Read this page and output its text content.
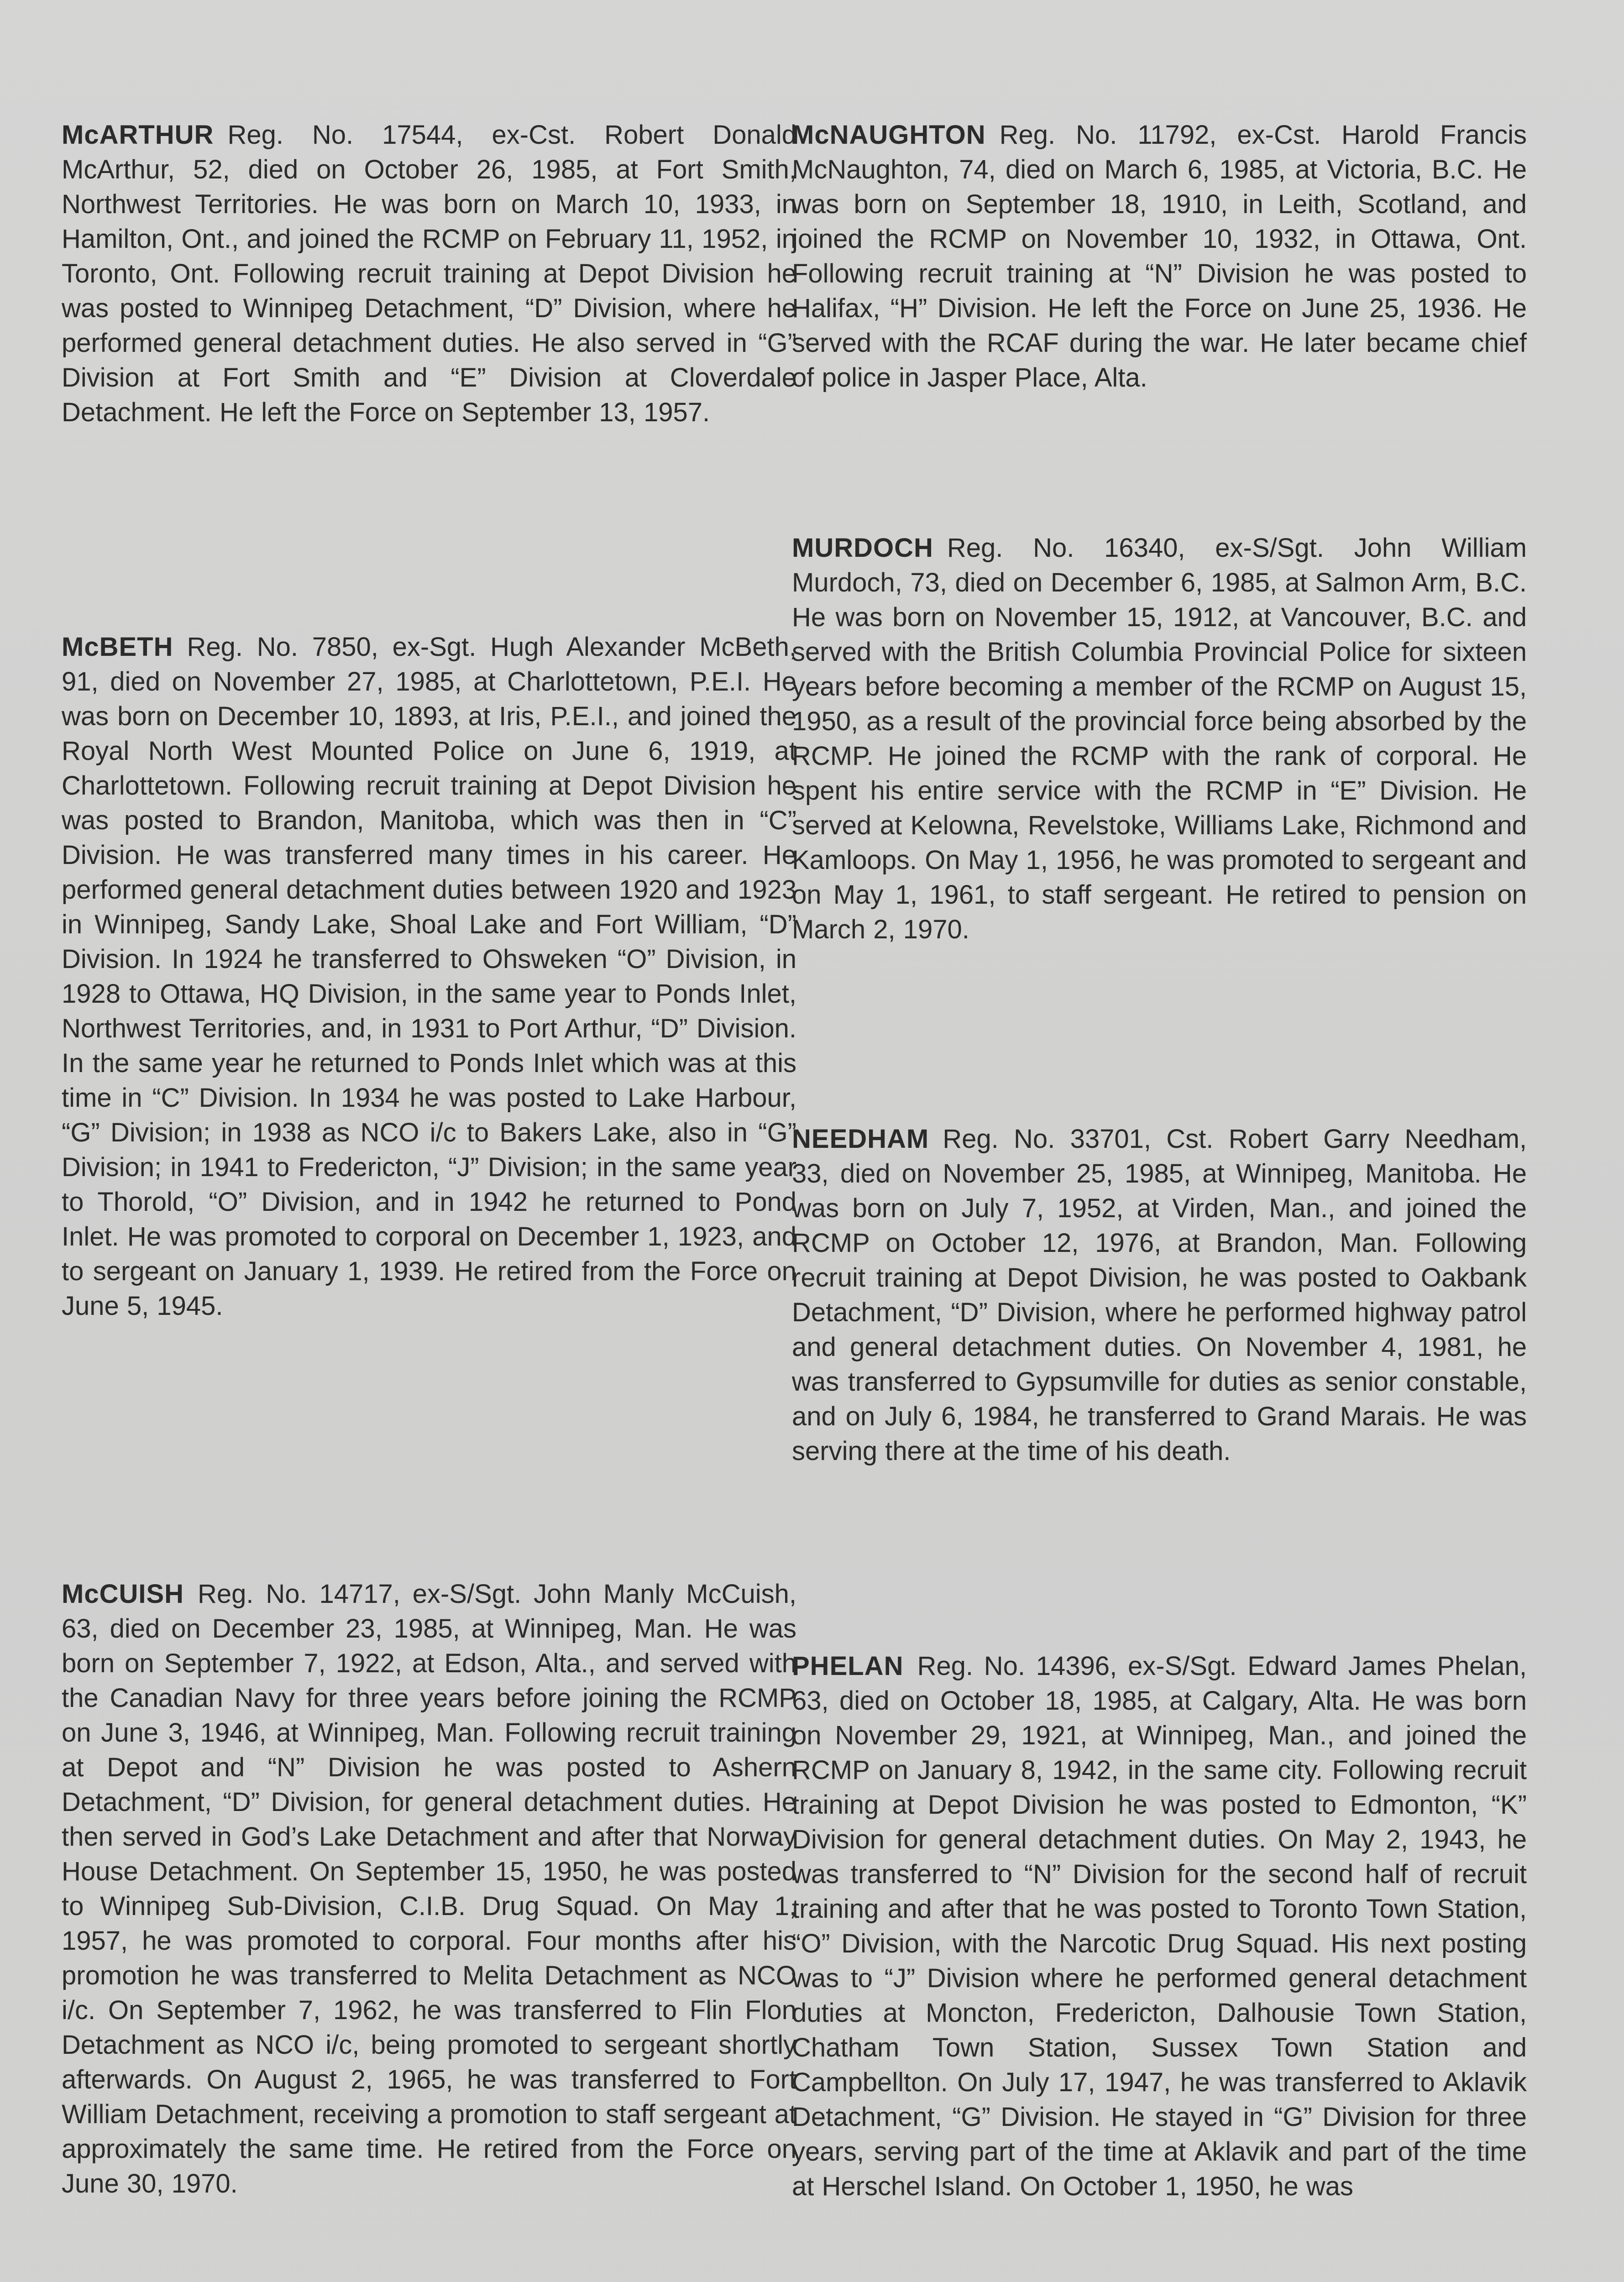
McARTHUR Reg. No. 17544, ex-Cst. Robert Donald McArthur, 52, died on October 26, 1985, at Fort Smith, Northwest Territories. He was born on March 10, 1933, in Hamilton, Ont., and joined the RCMP on February 11, 1952, in Toronto, Ont. Following recruit training at Depot Division he was posted to Winnipeg Detachment, “D” Division, where he performed general detachment duties. He also served in “G” Division at Fort Smith and “E” Division at Cloverdale Detachment. He left the Force on September 13, 1957.

McBETH Reg. No. 7850, ex-Sgt. Hugh Alexander McBeth, 91, died on November 27, 1985, at Charlottetown, P.E.I. He was born on December 10, 1893, at Iris, P.E.I., and joined the Royal North West Mounted Police on June 6, 1919, at Charlottetown. Following recruit training at Depot Division he was posted to Brandon, Manitoba, which was then in “C” Division. He was transferred many times in his career. He performed general detachment duties between 1920 and 1923 in Winnipeg, Sandy Lake, Shoal Lake and Fort William, “D” Division. In 1924 he transferred to Ohsweken “O” Division, in 1928 to Ottawa, HQ Division, in the same year to Ponds Inlet, Northwest Territories, and, in 1931 to Port Arthur, “D” Division. In the same year he returned to Ponds Inlet which was at this time in “C” Division. In 1934 he was posted to Lake Harbour, “G” Division; in 1938 as NCO i/c to Bakers Lake, also in “G” Division; in 1941 to Fredericton, “J” Division; in the same year to Thorold, “O” Division, and in 1942 he returned to Pond Inlet. He was promoted to corporal on December 1, 1923, and to sergeant on January 1, 1939. He retired from the Force on June 5, 1945.

McCUISH Reg. No. 14717, ex-S/Sgt. John Manly McCuish, 63, died on December 23, 1985, at Winnipeg, Man. He was born on September 7, 1922, at Edson, Alta., and served with the Canadian Navy for three years before joining the RCMP on June 3, 1946, at Winnipeg, Man. Following recruit training at Depot and “N” Division he was posted to Ashern Detachment, “D” Division, for general detachment duties. He then served in God’s Lake Detachment and after that Norway House Detachment. On September 15, 1950, he was posted to Winnipeg Sub-Division, C.I.B. Drug Squad. On May 1, 1957, he was promoted to corporal. Four months after his promotion he was transferred to Melita Detachment as NCO i/c. On September 7, 1962, he was transferred to Flin Flon Detachment as NCO i/c, being promoted to sergeant shortly afterwards. On August 2, 1965, he was transferred to Fort William Detachment, receiving a promotion to staff sergeant at approximately the same time. He retired from the Force on June 30, 1970.

McNAUGHTON Reg. No. 11792, ex-Cst. Harold Francis McNaughton, 74, died on March 6, 1985, at Victoria, B.C. He was born on September 18, 1910, in Leith, Scotland, and joined the RCMP on November 10, 1932, in Ottawa, Ont. Following recruit training at “N” Division he was posted to Halifax, “H” Division. He left the Force on June 25, 1936. He served with the RCAF during the war. He later became chief of police in Jasper Place, Alta.

MURDOCH Reg. No. 16340, ex-S/Sgt. John William Murdoch, 73, died on December 6, 1985, at Salmon Arm, B.C. He was born on November 15, 1912, at Vancouver, B.C. and served with the British Columbia Provincial Police for sixteen years before becoming a member of the RCMP on August 15, 1950, as a result of the provincial force being absorbed by the RCMP. He joined the RCMP with the rank of corporal. He spent his entire service with the RCMP in “E” Division. He served at Kelowna, Revelstoke, Williams Lake, Richmond and Kamloops. On May 1, 1956, he was promoted to sergeant and on May 1, 1961, to staff sergeant. He retired to pension on March 2, 1970.

NEEDHAM Reg. No. 33701, Cst. Robert Garry Needham, 33, died on November 25, 1985, at Winnipeg, Manitoba. He was born on July 7, 1952, at Virden, Man., and joined the RCMP on October 12, 1976, at Brandon, Man. Following recruit training at Depot Division, he was posted to Oakbank Detachment, “D” Division, where he performed highway patrol and general detachment duties. On November 4, 1981, he was transferred to Gypsumville for duties as senior constable, and on July 6, 1984, he transferred to Grand Marais. He was serving there at the time of his death.

PHELAN Reg. No. 14396, ex-S/Sgt. Edward James Phelan, 63, died on October 18, 1985, at Calgary, Alta. He was born on November 29, 1921, at Winnipeg, Man., and joined the RCMP on January 8, 1942, in the same city. Following recruit training at Depot Division he was posted to Edmonton, “K” Division for general detachment duties. On May 2, 1943, he was transferred to “N” Division for the second half of recruit training and after that he was posted to Toronto Town Station, “O” Division, with the Narcotic Drug Squad. His next posting was to “J” Division where he performed general detachment duties at Moncton, Fredericton, Dalhousie Town Station, Chatham Town Station, Sussex Town Station and Campbellton. On July 17, 1947, he was transferred to Aklavik Detachment, “G” Division. He stayed in “G” Division for three years, serving part of the time at Aklavik and part of the time at Herschel Island. On October 1, 1950, he was
